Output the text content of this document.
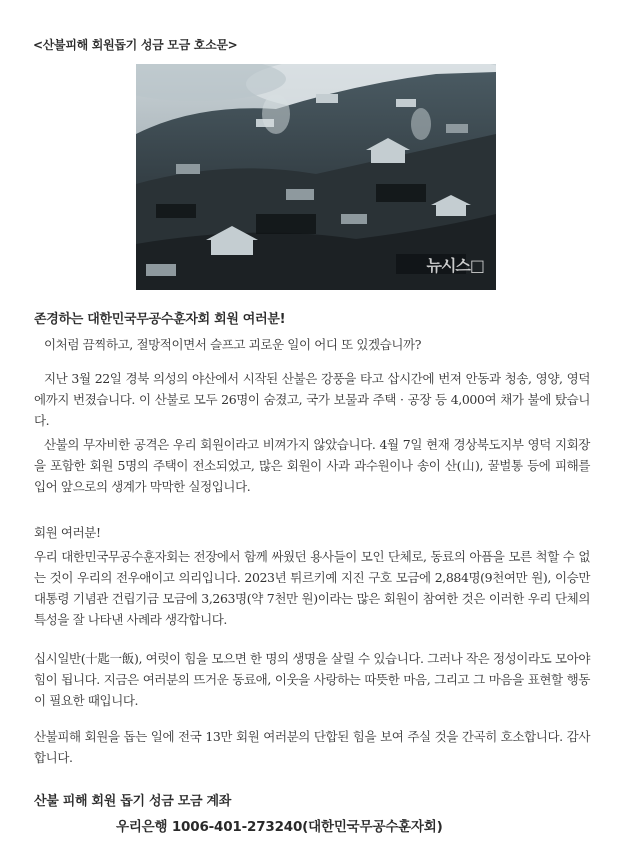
<산불피해 회원돕기 성금 모금 호소문>
뉴시스□
존경하는 대한민국무공수훈자회 회원 여러분!
이처럼 끔찍하고, 절망적이면서 슬프고 괴로운 일이 어디 또 있겠습니까?
지난 3월 22일 경북 의성의 야산에서 시작된 산불은 강풍을 타고 삽시간에 번져 안동과 청송, 영양, 영덕에까지 번졌습니다. 이 산불로 모두 26명이 숨졌고, 국가 보물과 주택 · 공장 등 4,000여 채가 불에 탔습니다.
산불의 무자비한 공격은 우리 회원이라고 비껴가지 않았습니다. 4월 7일 현재 경상북도지부 영덕 지회장을 포함한 회원 5명의 주택이 전소되었고, 많은 회원이 사과 과수원이나 송이 산(山), 꿀벌통 등에 피해를 입어 앞으로의 생계가 막막한 실정입니다.
회원 여러분!
우리 대한민국무공수훈자회는 전장에서 함께 싸웠던 용사들이 모인 단체로, 동료의 아픔을 모른 척할 수 없는 것이 우리의 전우애이고 의리입니다. 2023년 튀르키예 지진 구호 모금에 2,884명(9천여만 원), 이승만 대통령 기념관 건립기금 모금에 3,263명(약 7천만 원)이라는 많은 회원이 참여한 것은 이러한 우리 단체의 특성을 잘 나타낸 사례라 생각합니다.
십시일반(十匙一飯), 여럿이 힘을 모으면 한 명의 생명을 살릴 수 있습니다. 그러나 작은 정성이라도 모아야 힘이 됩니다. 지금은 여러분의 뜨거운 동료애, 이웃을 사랑하는 따뜻한 마음, 그리고 그 마음을 표현할 행동이 필요한 때입니다.
산불피해 회원을 돕는 일에 전국 13만 회원 여러분의 단합된 힘을 보여 주실 것을 간곡히 호소합니다. 감사합니다.
산불 피해 회원 돕기 성금 모금 계좌
우리은행 1006-401-273240(대한민국무공수훈자회)
